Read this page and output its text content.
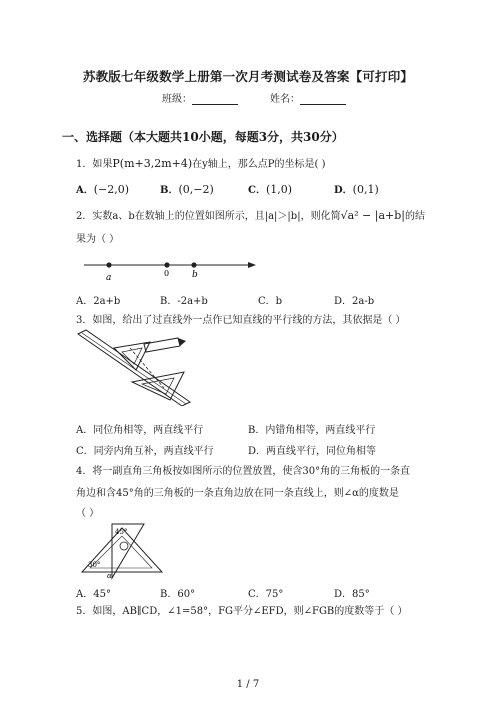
苏教版七年级数学上册第一次月考测试卷及答案【可打印】
班级：	姓名：
一、选择题（本大题共10小题，每题3分，共30分）
1．如果P(m+3,2m+4)在y轴上，那么点P的坐标是( )
A．(−2,0)	B．(0,−2)	C．(1,0)	D．(0,1)
2．实数a、b在数轴上的位置如图所示，且|a|＞|b|，则化简√a² − |a+b|的结
果为（ ）
a	0	b
A．2a+b	B．-2a+b	C．b	D．2a-b
3．如图，给出了过直线外一点作已知直线的平行线的方法，其依据是（ ）
A．同位角相等，两直线平行	B．内错角相等，两直线平行
C．同旁内角互补，两直线平行	D．两直线平行，同位角相等
4．将一副直角三角板按如图所示的位置放置，使含30°角的三角板的一条直
角边和含45°角的三角板的一条直角边放在同一条直线上，则∠α的度数是
（ ）
45°
30°
α
A．45°	B．60°	C．75°	D．85°
5．如图，AB∥CD，∠1=58°，FG平分∠EFD，则∠FGB的度数等于（ ）
1 / 7
